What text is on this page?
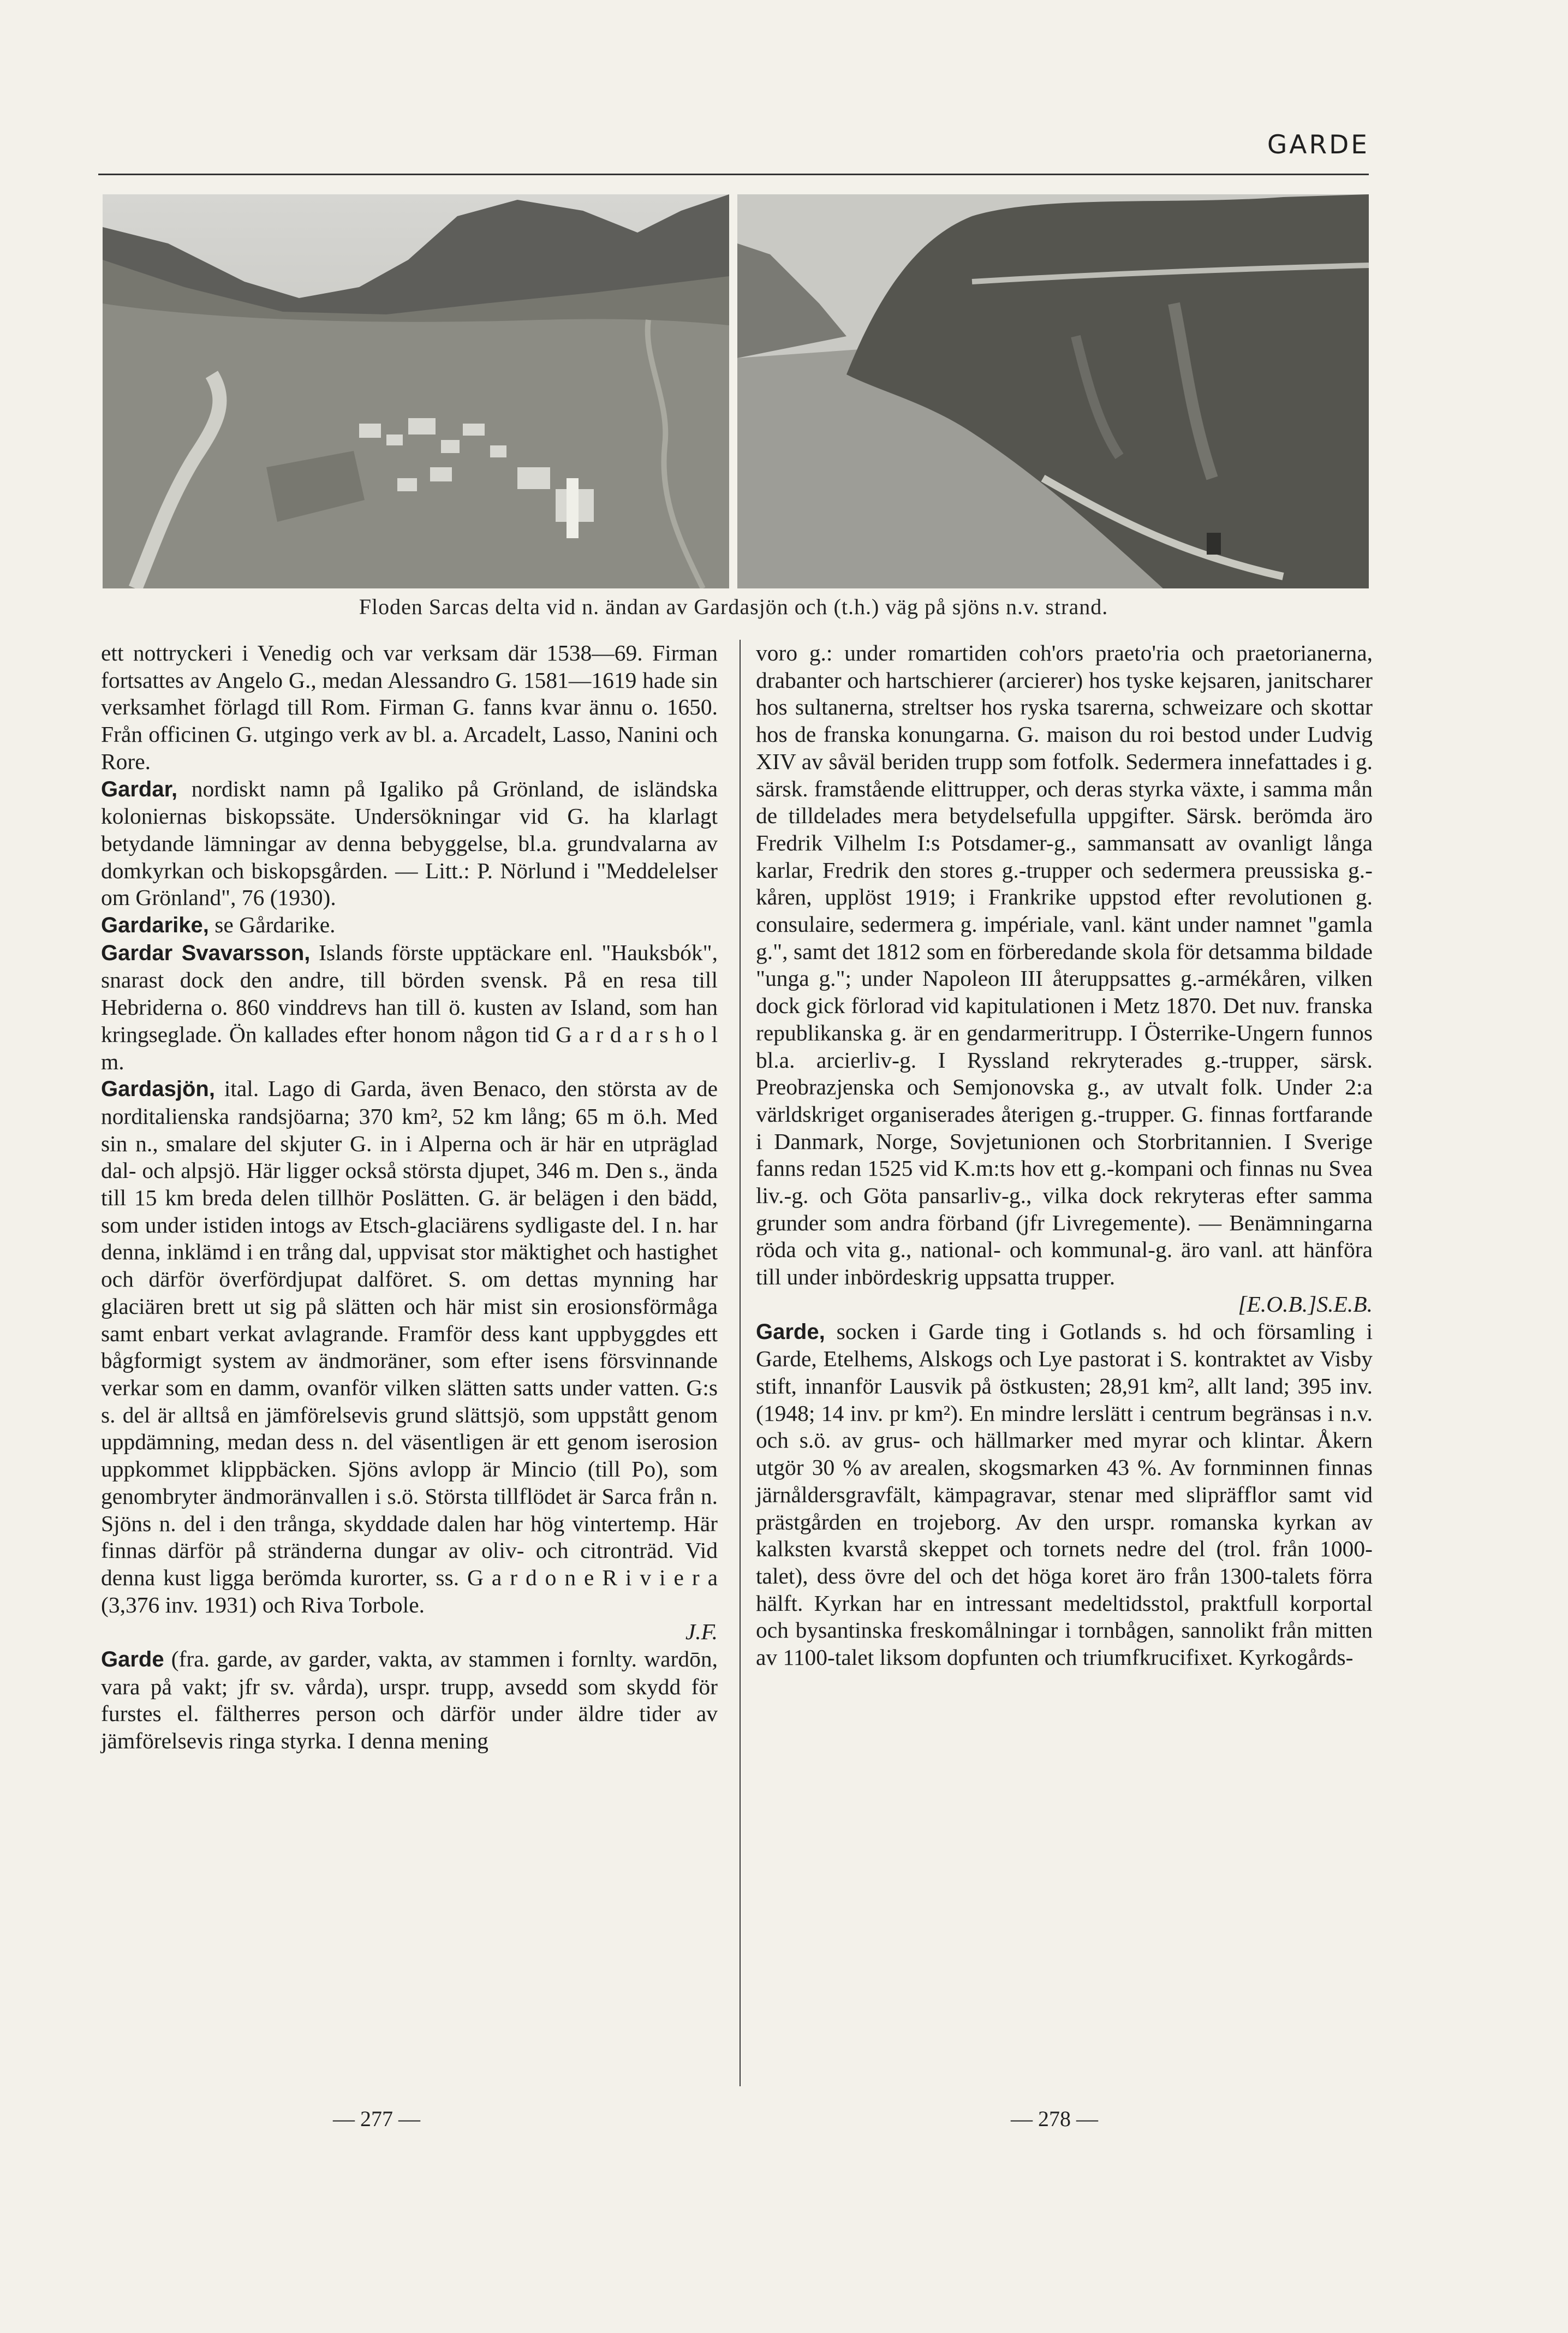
GARDE
Floden Sarcas delta vid n. ändan av Gardasjön och (t.h.) väg på sjöns n.v. strand.

ett nottryckeri i Venedig och var verksam där 1538—69. Firman fortsattes av Angelo G., medan Alessandro G. 1581—1619 hade sin verksamhet förlagd till Rom. Firman G. fanns kvar ännu o. 1650. Från officinen G. utgingo verk av bl. a. Arcadelt, Lasso, Nanini och Rore.

Gardar, nordiskt namn på Igaliko på Grönland, de isländska koloniernas biskopssäte. Undersökningar vid G. ha klarlagt betydande lämningar av denna bebyggelse, bl.a. grundvalarna av domkyrkan och biskopsgården. — Litt.: P. Nörlund i "Meddelelser om Grönland", 76 (1930).

Gardarike, se Gårdarike.

Gardar Svavarsson, Islands förste upptäckare enl. "Hauksbók", snarast dock den andre, till börden svensk. På en resa till Hebriderna o. 860 vinddrevs han till ö. kusten av Island, som han kringseglade. Ön kallades efter honom någon tid G a r d a r s h o l m.

Gardasjön, ital. Lago di Garda, även Benaco, den största av de norditalienska randsjöarna; 370 km², 52 km lång; 65 m ö.h. Med sin n., smalare del skjuter G. in i Alperna och är här en utpräglad dal- och alpsjö. Här ligger också största djupet, 346 m. Den s., ända till 15 km breda delen tillhör Poslätten. G. är belägen i den bädd, som under istiden intogs av Etsch-glaciärens sydligaste del. I n. har denna, inklämd i en trång dal, uppvisat stor mäktighet och hastighet och därför överfördjupat dalföret. S. om dettas mynning har glaciären brett ut sig på slätten och här mist sin erosionsförmåga samt enbart verkat avlagrande. Framför dess kant uppbyggdes ett bågformigt system av ändmoräner, som efter isens försvinnande verkar som en damm, ovanför vilken slätten satts under vatten. G:s s. del är alltså en jämförelsevis grund slättsjö, som uppstått genom uppdämning, medan dess n. del väsentligen är ett genom iserosion uppkommet klippbäcken. Sjöns avlopp är Mincio (till Po), som genombryter ändmoränvallen i s.ö. Största tillflödet är Sarca från n. Sjöns n. del i den trånga, skyddade dalen har hög vintertemp. Här finnas därför på stränderna dungar av oliv- och citronträd. Vid denna kust ligga berömda kurorter, ss. G a r d o n e R i v i e r a (3,376 inv. 1931) och Riva Torbole.
J.F.

Garde (fra. garde, av garder, vakta, av stammen i fornlty. wardōn, vara på vakt; jfr sv. vårda), urspr. trupp, avsedd som skydd för furstes el. fältherres person och därför under äldre tider av jämförelsevis ringa styrka. I denna mening

voro g.: under romartiden coh'ors praeto'ria och praetorianerna, drabanter och hartschierer (arcierer) hos tyske kejsaren, janitscharer hos sultanerna, streltser hos ryska tsarerna, schweizare och skottar hos de franska konungarna. G. maison du roi bestod under Ludvig XIV av såväl beriden trupp som fotfolk. Sedermera innefattades i g. särsk. framstående elittrupper, och deras styrka växte, i samma mån de tilldelades mera betydelsefulla uppgifter. Särsk. berömda äro Fredrik Vilhelm I:s Potsdamer-g., sammansatt av ovanligt långa karlar, Fredrik den stores g.-trupper och sedermera preussiska g.-kåren, upplöst 1919; i Frankrike uppstod efter revolutionen g. consulaire, sedermera g. impériale, vanl. känt under namnet "gamla g.", samt det 1812 som en förberedande skola för detsamma bildade "unga g."; under Napoleon III återuppsattes g.-armékåren, vilken dock gick förlorad vid kapitulationen i Metz 1870. Det nuv. franska republikanska g. är en gendarmeritrupp. I Österrike-Ungern funnos bl.a. arcierliv-g. I Ryssland rekryterades g.-trupper, särsk. Preobrazjenska och Semjonovska g., av utvalt folk. Under 2:a världskriget organiserades återigen g.-trupper. G. finnas fortfarande i Danmark, Norge, Sovjetunionen och Storbritannien. I Sverige fanns redan 1525 vid K.m:ts hov ett g.-kompani och finnas nu Svea liv.-g. och Göta pansarliv-g., vilka dock rekryteras efter samma grunder som andra förband (jfr Livregemente). — Benämningarna röda och vita g., national- och kommunal-g. äro vanl. att hänföra till under inbördeskrig uppsatta trupper.

[E.O.B.]S.E.B.

Garde, socken i Garde ting i Gotlands s. hd och församling i Garde, Etelhems, Alskogs och Lye pastorat i S. kontraktet av Visby stift, innanför Lausvik på östkusten; 28,91 km², allt land; 395 inv. (1948; 14 inv. pr km²). En mindre lerslätt i centrum begränsas i n.v. och s.ö. av grus- och hällmarker med myrar och klintar. Åkern utgör 30 % av arealen, skogsmarken 43 %. Av fornminnen finnas järnåldersgravfält, kämpagravar, stenar med slipräfflor samt vid prästgården en trojeborg. Av den urspr. romanska kyrkan av kalksten kvarstå skeppet och tornets nedre del (trol. från 1000-talet), dess övre del och det höga koret äro från 1300-talets förra hälft. Kyrkan har en intressant medeltidsstol, praktfull korportal och bysantinska freskomålningar i tornbågen, sannolikt från mitten av 1100-talet liksom dopfunten och triumfkrucifixet. Kyrkogårds-

— 277 —	— 278 —
